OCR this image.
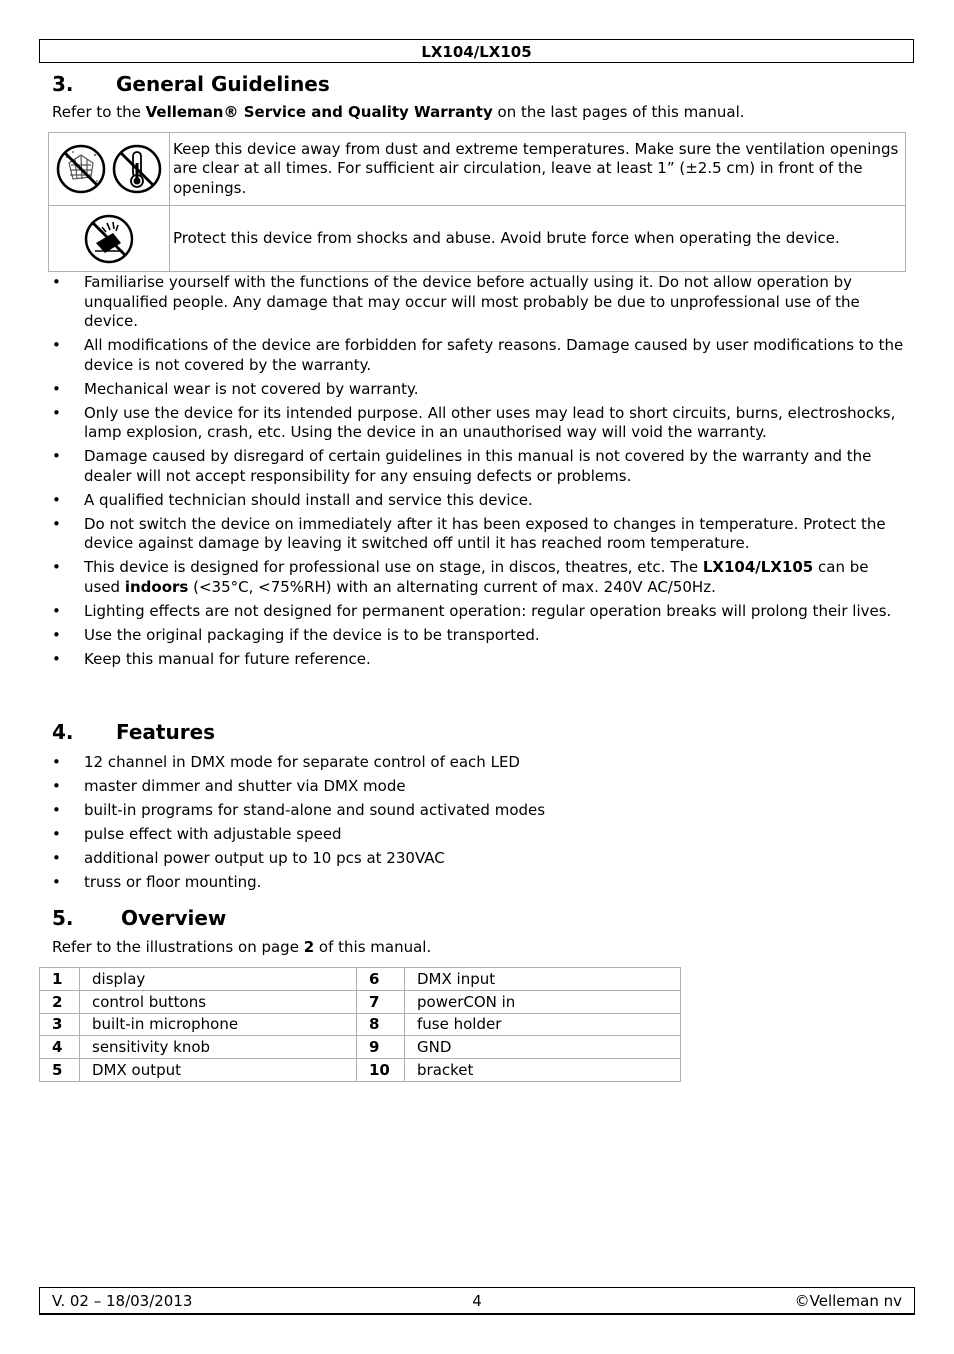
LX104/LX105
3. General Guidelines

Refer to the Velleman® Service and Quality Warranty on the last pages of this manual.

	Keep this device away from dust and extreme temperatures. Make sure the ventilation openings are clear at all times. For sufficient air circulation, leave at least 1” (±2.5 cm) in front of the openings.
	Protect this device from shocks and abuse. Avoid brute force when operating the device.
• Familiarise yourself with the functions of the device before actually using it. Do not allow operation by unqualified people. Any damage that may occur will most probably be due to unprofessional use of the device.
• All modifications of the device are forbidden for safety reasons. Damage caused by user modifications to the device is not covered by the warranty.
• Mechanical wear is not covered by warranty.
• Only use the device for its intended purpose. All other uses may lead to short circuits, burns, electroshocks, lamp explosion, crash, etc. Using the device in an unauthorised way will void the warranty.
• Damage caused by disregard of certain guidelines in this manual is not covered by the warranty and the dealer will not accept responsibility for any ensuing defects or problems.
• A qualified technician should install and service this device.
• Do not switch the device on immediately after it has been exposed to changes in temperature. Protect the device against damage by leaving it switched off until it has reached room temperature.
• This device is designed for professional use on stage, in discos, theatres, etc. The LX104/LX105 can be used indoors (<35°C, <75%RH) with an alternating current of max. 240V AC/50Hz.
• Lighting effects are not designed for permanent operation: regular operation breaks will prolong their lives.
• Use the original packaging if the device is to be transported.
• Keep this manual for future reference.
4. Features
• 12 channel in DMX mode for separate control of each LED
• master dimmer and shutter via DMX mode
• built-in programs for stand-alone and sound activated modes
• pulse effect with adjustable speed
• additional power output up to 10 pcs at 230VAC
• truss or floor mounting.
5. Overview

Refer to the illustrations on page 2 of this manual.

1	display	6	DMX input
2	control buttons	7	powerCON in
3	built-in microphone	8	fuse holder
4	sensitivity knob	9	GND
5	DMX output	10	bracket
V. 02 – 18/03/2013	4	©Velleman nv
